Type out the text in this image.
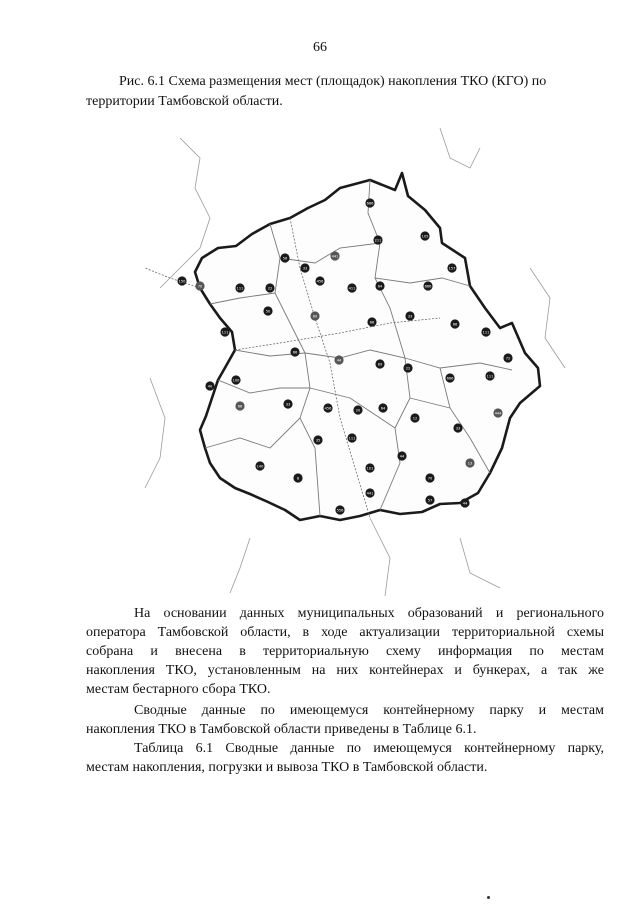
66
Рис. 6.1 Схема размещения мест (площадок) накопления ТКО (КГО) по
территории Тамбовской области.
666
56
33
441
211
105
157
666
111
150
70	22
456
411	64
33
66
89
50
111
66
111
72
66
44
89
22
666	111
100
40
66	33
456	20	64
12
33
444
140
35	111
101
44
70
13
8
556
57
44
441
На основании данных муниципальных образований и регионального
оператора Тамбовской области, в ходе актуализации территориальной схемы
собрана и внесена в территориальную схему информация по местам
накопления ТКО, установленным на них контейнерах и бункерах, а так же
местам бестарного сбора ТКО.
Сводные данные по имеющемуся контейнерному парку и местам
накопления ТКО в Тамбовской области приведены в Таблице 6.1.
Таблица 6.1 Сводные данные по имеющемуся контейнерному парку,
местам накопления, погрузки и вывоза ТКО в Тамбовской области.
